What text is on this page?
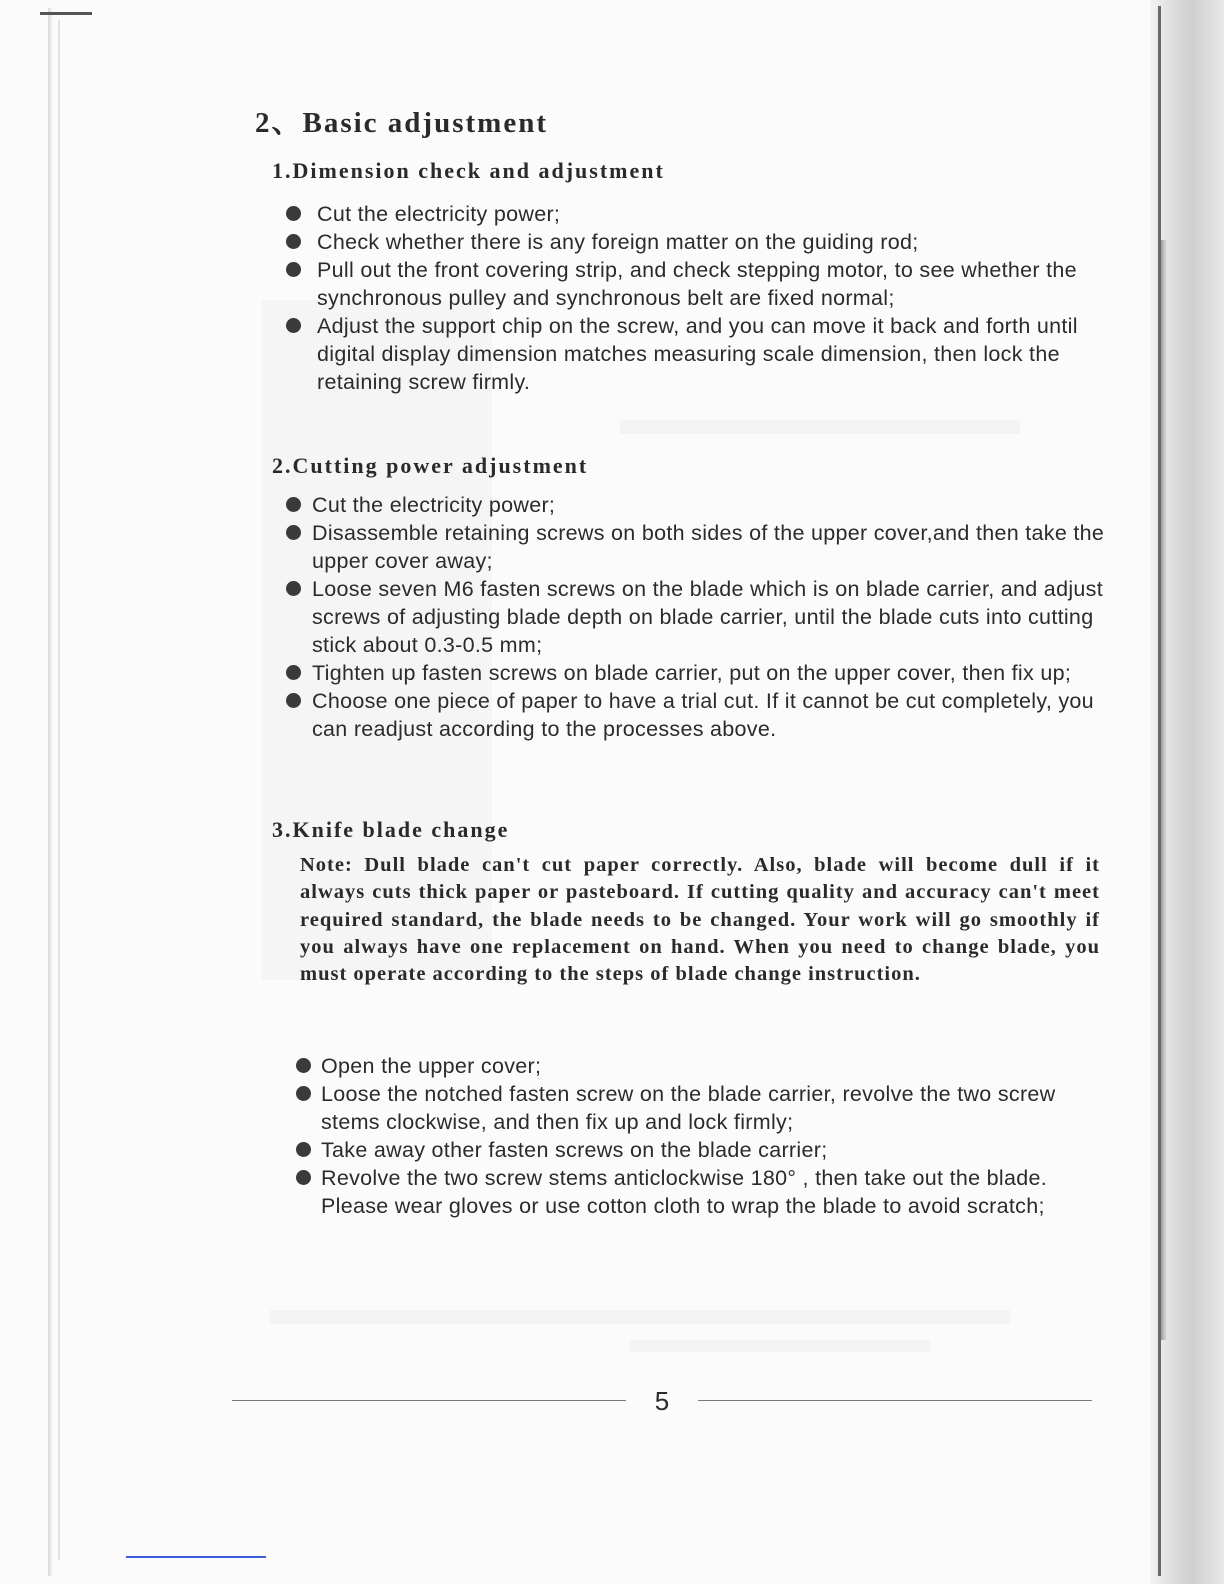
2、Basic adjustment
1.Dimension check and adjustment
Cut the electricity power;
Check whether there is any foreign matter on the guiding rod;
Pull out the front covering strip, and check stepping motor, to see whether the synchronous pulley and synchronous belt are fixed normal;
Adjust the support chip on the screw, and you can move it back and forth until digital display dimension matches measuring scale dimension, then lock the retaining screw firmly.
2.Cutting power adjustment
Cut the electricity power;
Disassemble retaining screws on both sides of the upper cover,and then take the upper cover away;
Loose seven M6 fasten screws on the blade which is on blade carrier, and adjust screws of adjusting blade depth on blade carrier, until the blade cuts into cutting stick about 0.3-0.5 mm;
Tighten up fasten screws on blade carrier, put on the upper cover, then fix up;
Choose one piece of paper to have a trial cut. If it cannot be cut completely, you can readjust according to the processes above.
3.Knife blade change
Note: Dull blade can't cut paper correctly. Also, blade will become dull if it always cuts thick paper or pasteboard. If cutting quality and accuracy can't meet required standard, the blade needs to be changed. Your work will go smoothly if you always have one replacement on hand. When you need to change blade, you must operate according to the steps of blade change instruction.
Open the upper cover;
Loose the notched fasten screw on the blade carrier, revolve the two screw stems clockwise, and then fix up and lock firmly;
Take away other fasten screws on the blade carrier;
Revolve the two screw stems anticlockwise 180° , then take out the blade. Please wear gloves or use cotton cloth to wrap the blade to avoid scratch;
5
